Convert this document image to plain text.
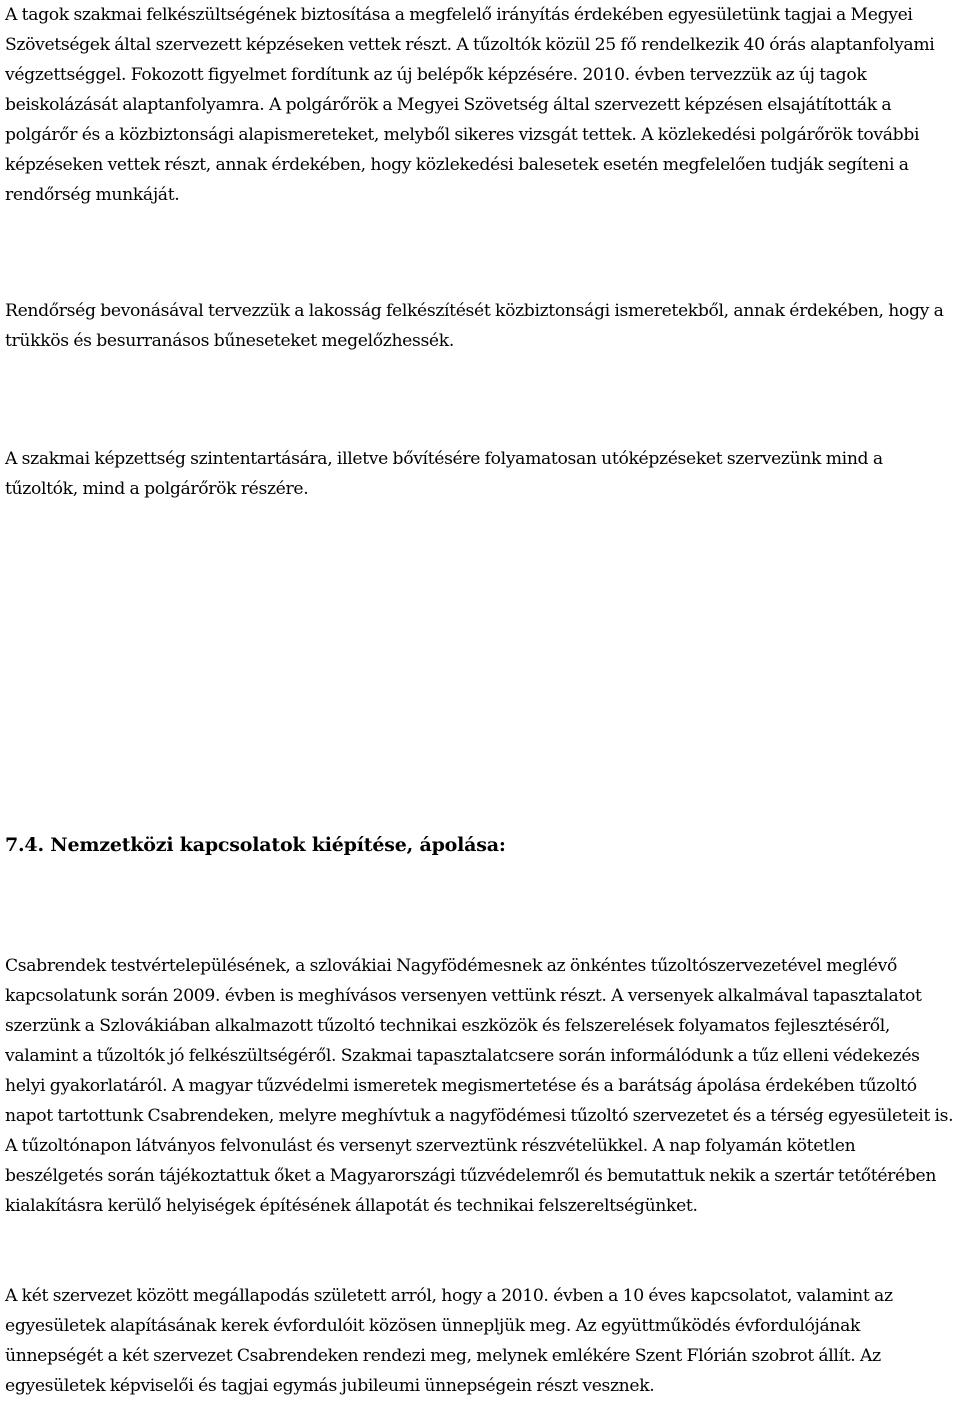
A tagok szakmai felkészültségének biztosítása a megfelelő irányítás érdekében egyesületünk tagjai a Megyei Szövetségek által szervezett képzéseken vettek részt. A tűzoltók közül 25 fő rendelkezik 40 órás alaptanfolyami végzettséggel. Fokozott figyelmet fordítunk az új belépők képzésére. 2010. évben tervezzük az új tagok beiskolázását alaptanfolyamra. A polgárőrök a Megyei Szövetség által szervezett képzésen elsajátították a polgárőr és a közbiztonsági alapismereteket, melyből sikeres vizsgát tettek. A közlekedési polgárőrök további képzéseken vettek részt, annak érdekében, hogy közlekedési balesetek esetén megfelelően tudják segíteni a rendőrség munkáját.

Rendőrség bevonásával tervezzük a lakosság felkészítését közbiztonsági ismeretekből, annak érdekében, hogy a trükkös és besurranásos bűneseteket megelőzhessék.

A szakmai képzettség szintentartására, illetve bővítésére folyamatosan utóképzéseket szervezünk mind a tűzoltók, mind a polgárőrök részére.

7.4. Nemzetközi kapcsolatok kiépítése, ápolása:

Csabrendek testvértelepülésének, a szlovákiai Nagyfödémesnek az önkéntes tűzoltószervezetével meglévő kapcsolatunk során 2009. évben is meghívásos versenyen vettünk részt. A versenyek alkalmával tapasztalatot szerzünk a Szlovákiában alkalmazott tűzoltó technikai eszközök és felszerelések folyamatos fejlesztéséről, valamint a tűzoltók jó felkészültségéről. Szakmai tapasztalatcsere során informálódunk a tűz elleni védekezés helyi gyakorlatáról. A magyar tűzvédelmi ismeretek megismertetése és a barátság ápolása érdekében tűzoltó napot tartottunk Csabrendeken, melyre meghívtuk a nagyfödémesi tűzoltó szervezetet és a térség egyesületeit is. A tűzoltónapon látványos felvonulást és versenyt szerveztünk részvételükkel. A nap folyamán kötetlen beszélgetés során tájékoztattuk őket a Magyarországi tűzvédelemről és bemutattuk nekik a szertár tetőtérében kialakításra kerülő helyiségek építésének állapotát és technikai felszereltségünket.

A két szervezet között megállapodás született arról, hogy a 2010. évben a 10 éves kapcsolatot, valamint az egyesületek alapításának kerek évfordulóit közösen ünnepljük meg. Az együttműködés évfordulójának ünnepségét a két szervezet Csabrendeken rendezi meg, melynek emlékére Szent Flórián szobrot állít. Az egyesületek képviselői és tagjai egymás jubileumi ünnepségein részt vesznek.
